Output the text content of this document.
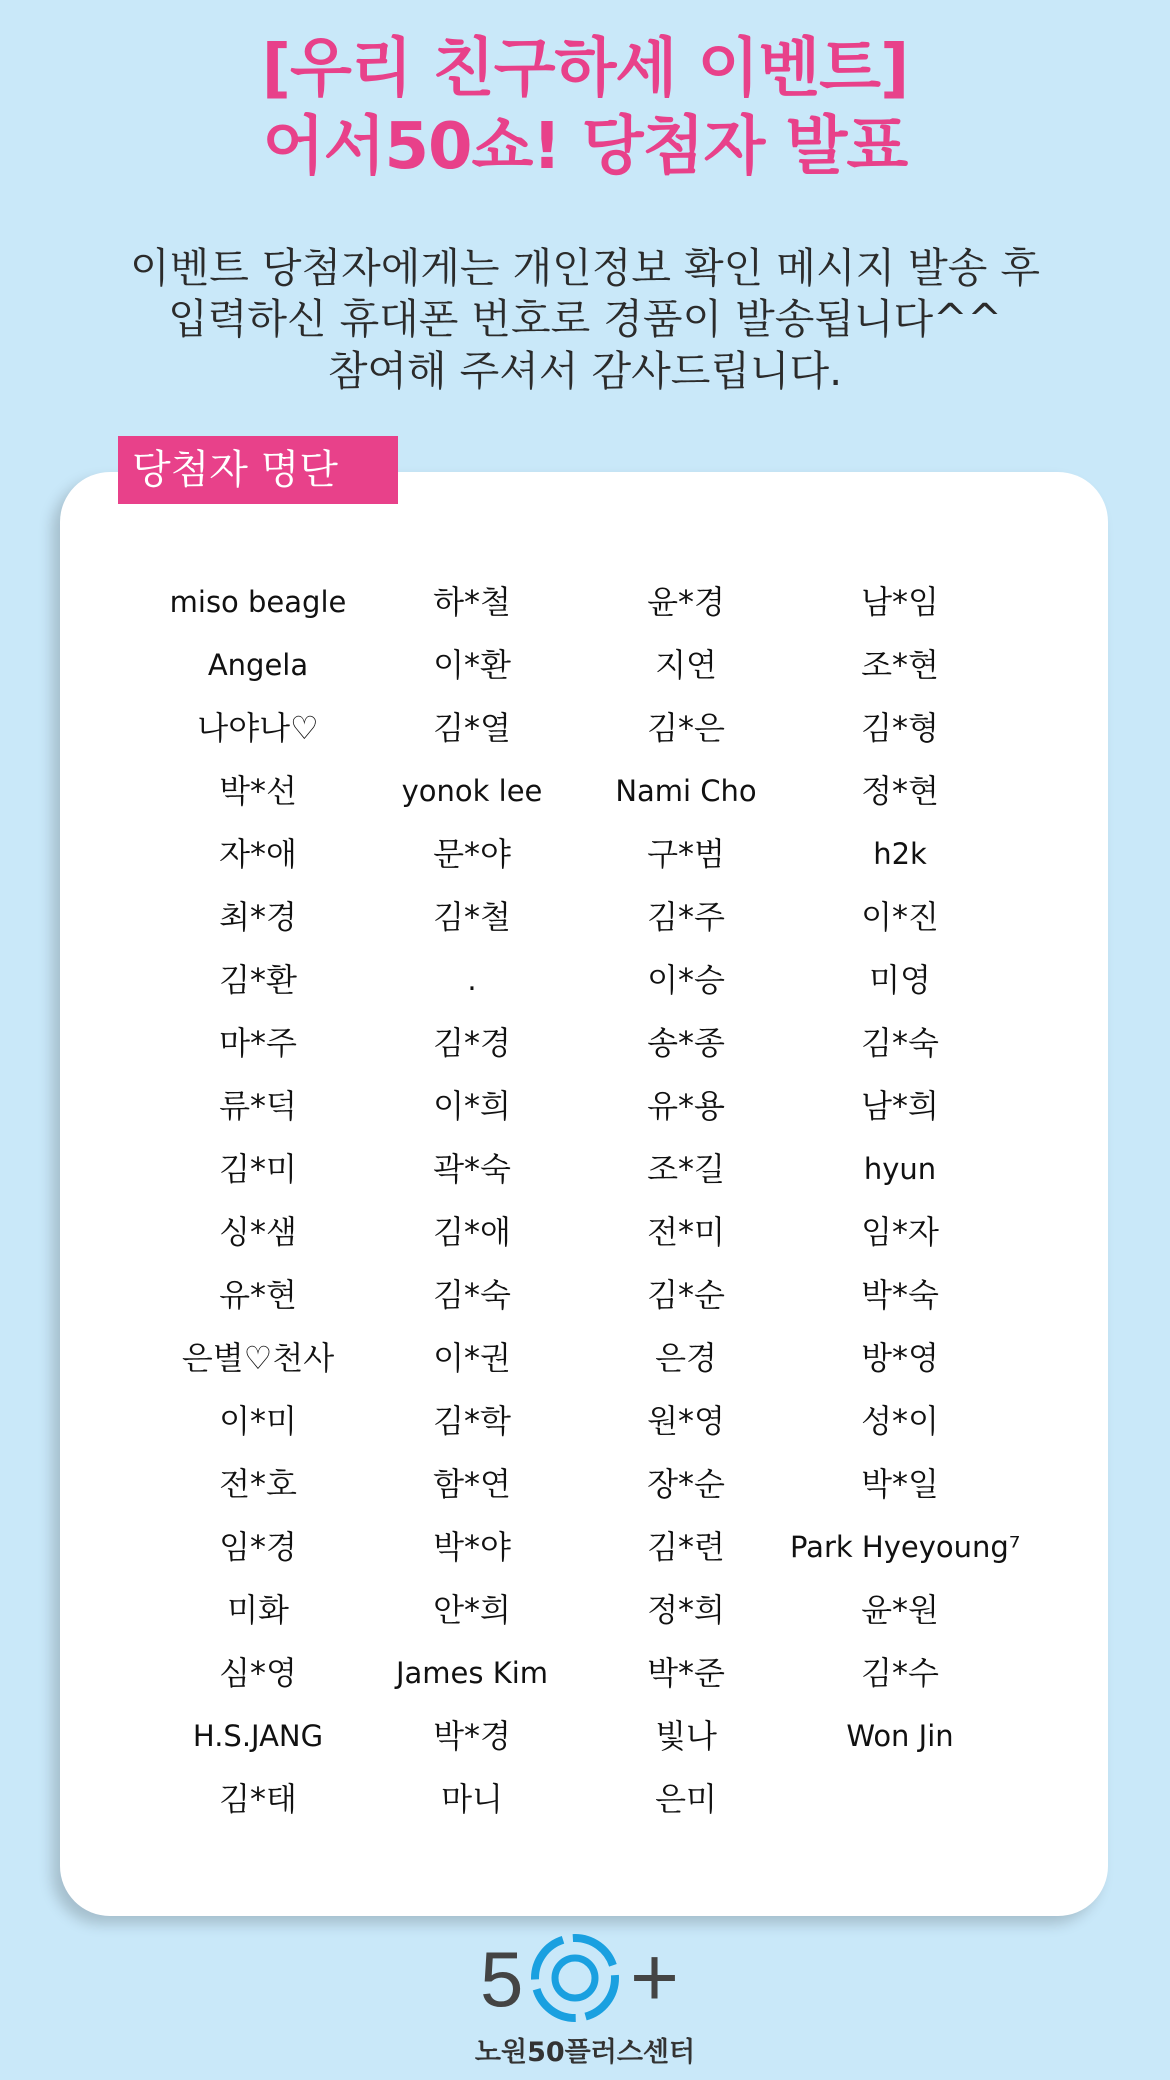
[우리 친구하세 이벤트]
어서50쇼! 당첨자 발표
이벤트 당첨자에게는 개인정보 확인 메시지 발송 후
입력하신 휴대폰 번호로 경품이 발송됩니다^^
참여해 주셔서 감사드립니다.
당첨자 명단
miso beagle	하*철	윤*경	남*임
Angela	이*환	지연	조*현
나야나♡	김*열	김*은	김*형
박*선	yonok lee	Nami Cho	정*현
자*애	문*야	구*범	h2k
최*경	김*철	김*주	이*진
김*환	.	이*승	미영
마*주	김*경	송*종	김*숙
류*덕	이*희	유*용	남*희
김*미	곽*숙	조*길	hyun
싱*샘	김*애	전*미	임*자
유*현	김*숙	김*순	박*숙
은별♡천사	이*권	은경	방*영
이*미	김*학	원*영	성*이
전*호	함*연	장*순	박*일
임*경	박*야	김*련	Park Hyeyoung⁷
미화	안*희	정*희	윤*원
심*영	James Kim	박*준	김*수
H.S.JANG	박*경	빛나	Won Jin
김*태	마니	은미
5 +
노원50플러스센터
